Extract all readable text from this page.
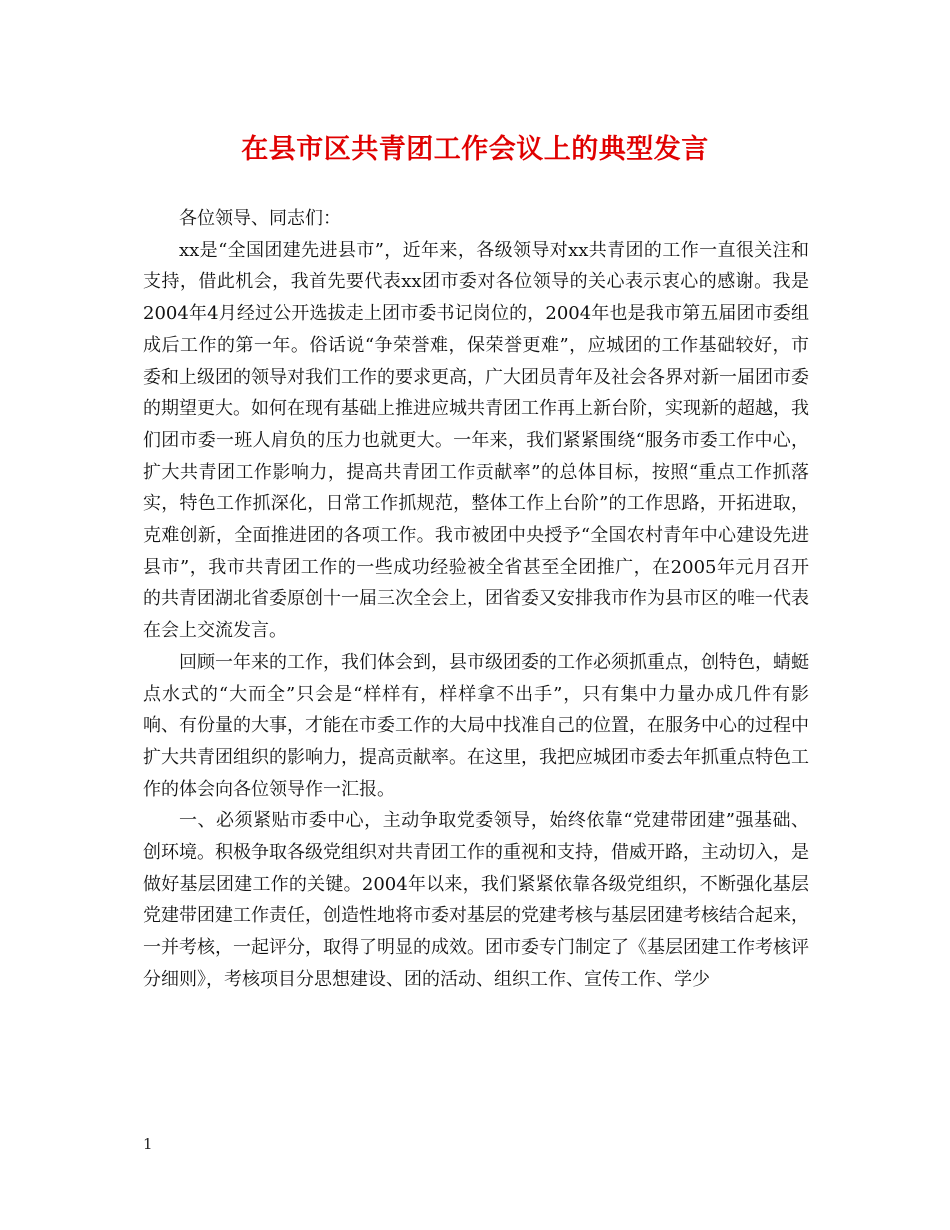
在县市区共青团工作会议上的典型发言

各位领导、同志们：

xx是“全国团建先进县市”，近年来，各级领导对xx共青团的工作一直很关注和支持，借此机会，我首先要代表xx团市委对各位领导的关心表示衷心的感谢。我是2004年4月经过公开选拔走上团市委书记岗位的，2004年也是我市第五届团市委组成后工作的第一年。俗话说“争荣誉难，保荣誉更难”，应城团的工作基础较好，市委和上级团的领导对我们工作的要求更高，广大团员青年及社会各界对新一届团市委的期望更大。如何在现有基础上推进应城共青团工作再上新台阶，实现新的超越，我们团市委一班人肩负的压力也就更大。一年来，我们紧紧围绕“服务市委工作中心，扩大共青团工作影响力，提高共青团工作贡献率”的总体目标，按照“重点工作抓落实，特色工作抓深化，日常工作抓规范，整体工作上台阶”的工作思路，开拓进取，克难创新，全面推进团的各项工作。我市被团中央授予“全国农村青年中心建设先进县市”，我市共青团工作的一些成功经验被全省甚至全团推广，在2005年元月召开的共青团湖北省委原创十一届三次全会上，团省委又安排我市作为县市区的唯一代表在会上交流发言。

回顾一年来的工作，我们体会到，县市级团委的工作必须抓重点，创特色，蜻蜓点水式的“大而全”只会是“样样有，样样拿不出手”，只有集中力量办成几件有影响、有份量的大事，才能在市委工作的大局中找准自己的位置，在服务中心的过程中扩大共青团组织的影响力，提高贡献率。在这里，我把应城团市委去年抓重点特色工作的体会向各位领导作一汇报。

一、必须紧贴市委中心，主动争取党委领导，始终依靠“党建带团建”强基础、创环境。积极争取各级党组织对共青团工作的重视和支持，借威开路，主动切入，是做好基层团建工作的关键。2004年以来，我们紧紧依靠各级党组织，不断强化基层党建带团建工作责任，创造性地将市委对基层的党建考核与基层团建考核结合起来，一并考核，一起评分，取得了明显的成效。团市委专门制定了《基层团建工作考核评分细则》，考核项目分思想建设、团的活动、组织工作、宣传工作、学少

1
